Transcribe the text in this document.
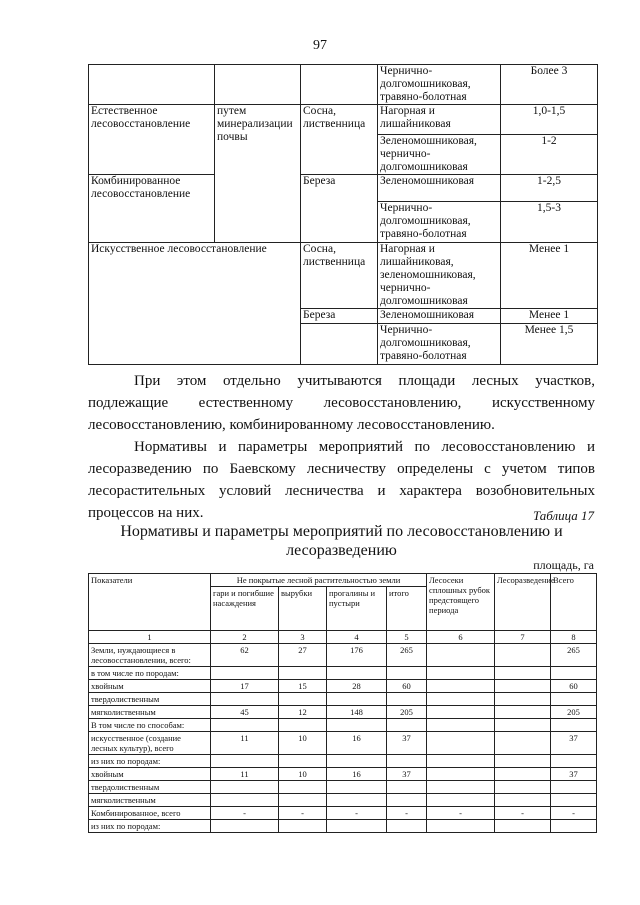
97
			Чернично-долгомошниковая, травяно-болотная	Более 3
Естественное лесовосстановление	путем минерализации почвы	Сосна, лиственница	Нагорная и лишайниковая	1,0-1,5
			Зеленомошниковая, чернично-долгомошниковая	1-2
Комбинированное лесовосстановление		Береза	Зеленомошниковая	1-2,5
			Чернично-долгомошниковая, травяно-болотная	1,5-3
Искусственное лесовосстановление		Сосна, лиственница	Нагорная и лишайниковая, зеленомошниковая, чернично-долгомошниковая	Менее 1
		Береза	Зеленомошниковая	Менее 1
			Чернично-долгомошниковая, травяно-болотная	Менее 1,5
При этом отдельно учитываются площади лесных участков, подлежащие естественному лесовосстановлению, искусственному лесовосстановлению, комбинированному лесовосстановлению.
Нормативы и параметры мероприятий по лесовосстановлению и лесоразведению по Баевскому лесничеству определены с учетом типов лесорастительных условий лесничества и характера возобновительных процессов на них.	Таблица 17
Нормативы и параметры мероприятий по лесовосстановлению и лесоразведению
площадь, га
Показатели	Не покрытые лесной растительностью земли				Лесосеки сплошных рубок предстоящего периода	Лесоразведение	Всего
	гари и погибшие насаждения	вырубки	прогалины и пустыри	итого			
1	2	3	4	5	6	7	8
Земли, нуждающиеся в лесовосстановлении, всего:	62	27	176	265			265
в том числе по породам:							
хвойным	17	15	28	60			60
твердолиственным							
мягколиственным	45	12	148	205			205
В том числе по способам:							
искусственное (создание лесных культур), всего	11	10	16	37			37
из них по породам:							
хвойным	11	10	16	37			37
твердолиственным							
мягколиственным							
Комбинированное, всего	-	-	-	-	-	-	-
из них по породам:							
